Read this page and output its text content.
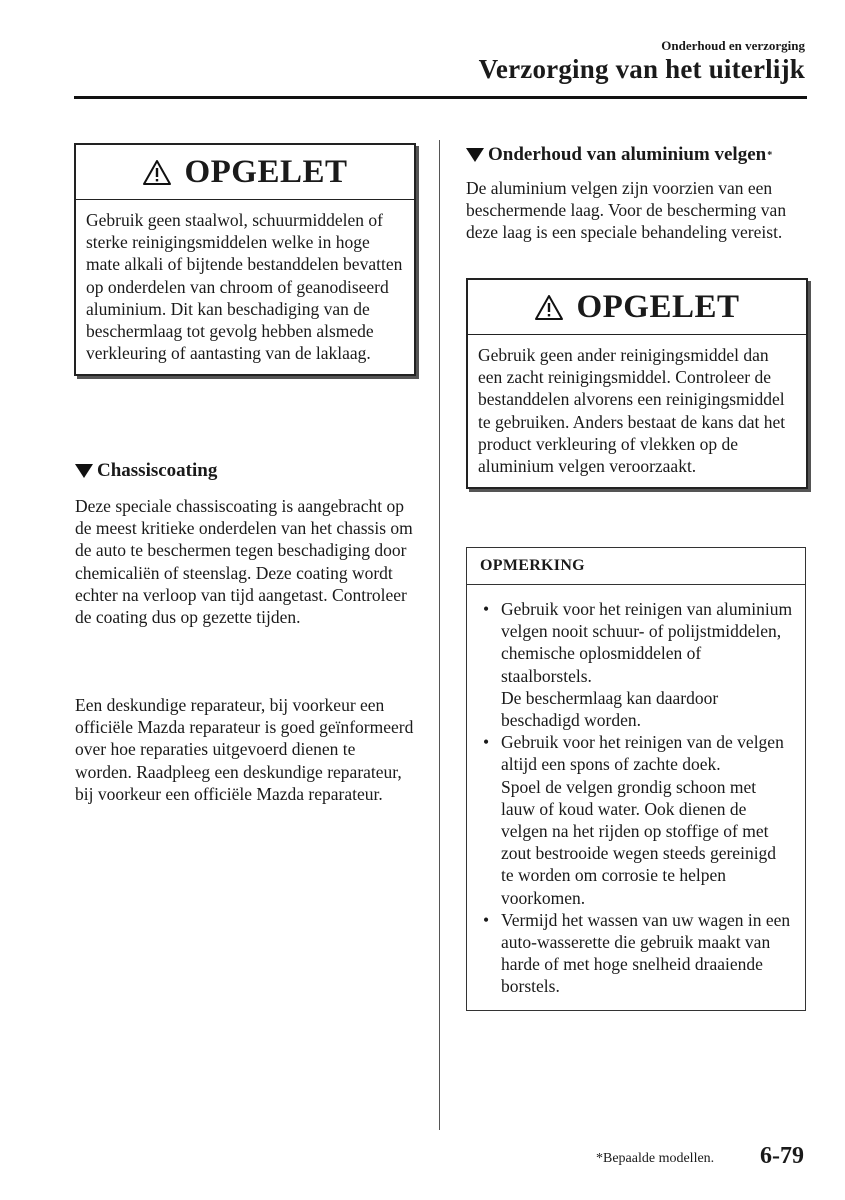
Onderhoud en verzorging
Verzorging van het uiterlijk
OPGELET
Gebruik geen staalwol, schuurmiddelen of sterke reinigingsmiddelen welke in hoge mate alkali of bijtende bestanddelen bevatten op onderdelen van chroom of geanodiseerd aluminium. Dit kan beschadiging van de beschermlaag tot gevolg hebben alsmede verkleuring of aantasting van de laklaag.
Chassiscoating

Deze speciale chassiscoating is aangebracht op de meest kritieke onderdelen van het chassis om de auto te beschermen tegen beschadiging door chemicaliën of steenslag. Deze coating wordt echter na verloop van tijd aangetast. Controleer de coating dus op gezette tijden.

Een deskundige reparateur, bij voorkeur een officiële Mazda reparateur is goed geïnformeerd over hoe reparaties uitgevoerd dienen te worden. Raadpleeg een deskundige reparateur, bij voorkeur een officiële Mazda reparateur.

Onderhoud van aluminium velgen *

De aluminium velgen zijn voorzien van een beschermende laag. Voor de bescherming van deze laag is een speciale behandeling vereist.

OPGELET
Gebruik geen ander reinigingsmiddel dan een zacht reinigingsmiddel. Controleer de bestanddelen alvorens een reinigingsmiddel te gebruiken. Anders bestaat de kans dat het product verkleuring of vlekken op de aluminium velgen veroorzaakt.
OPMERKING
• Gebruik voor het reinigen van aluminium velgen nooit schuur- of polijstmiddelen, chemische oplosmiddelen of staalborstels.
De beschermlaag kan daardoor beschadigd worden.
• Gebruik voor het reinigen van de velgen altijd een spons of zachte doek.
Spoel de velgen grondig schoon met lauw of koud water. Ook dienen de velgen na het rijden op stoffige of met zout bestrooide wegen steeds gereinigd te worden om corrosie te helpen voorkomen.
• Vermijd het wassen van uw wagen in een auto-wasserette die gebruik maakt van harde of met hoge snelheid draaiende borstels.
*Bepaalde modellen. 6-79
